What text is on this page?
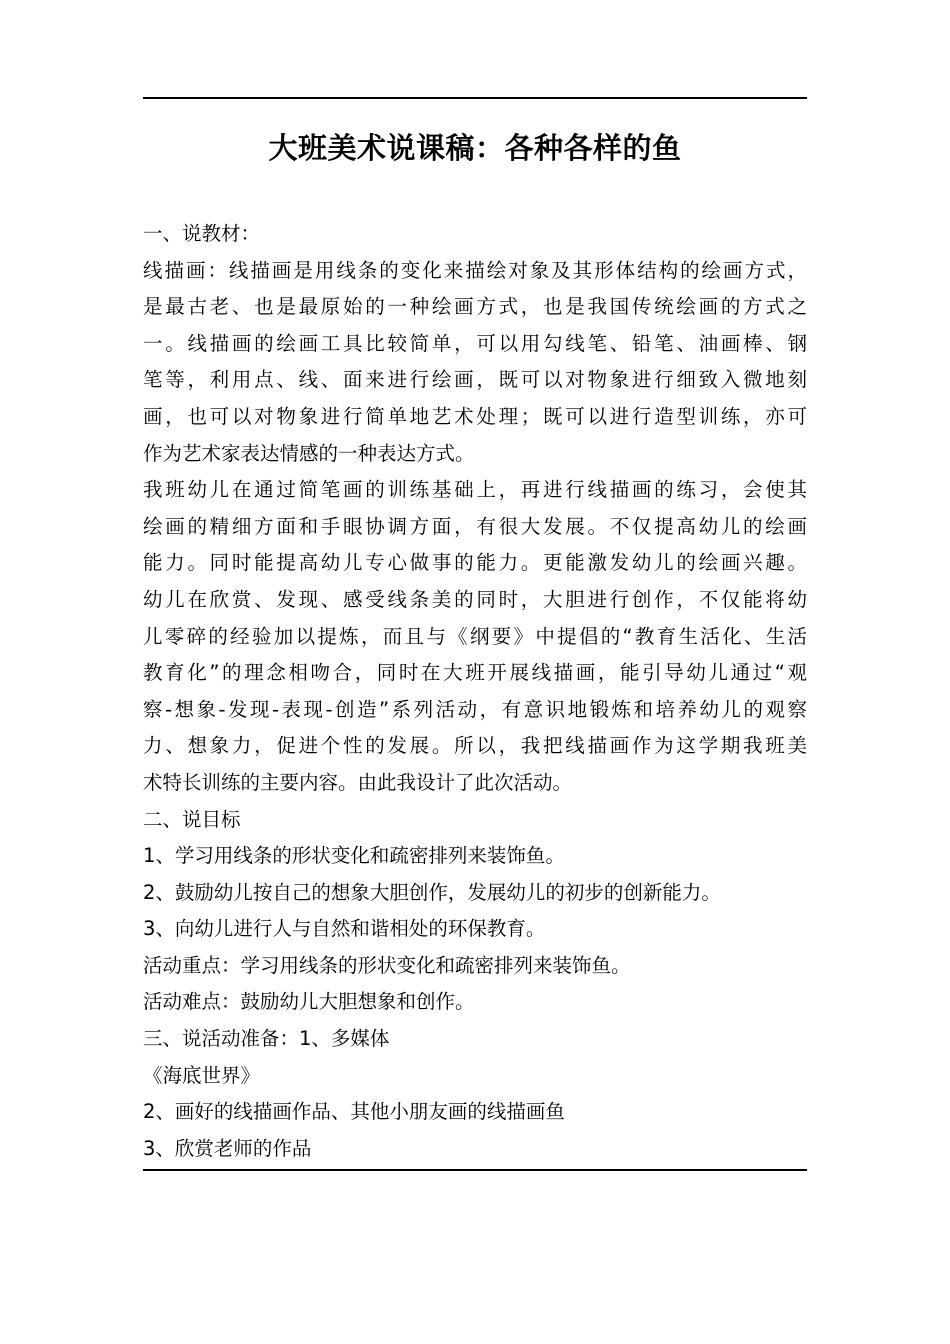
大班美术说课稿：各种各样的鱼
一、说教材：
线描画：线描画是用线条的变化来描绘对象及其形体结构的绘画方式，
是最古老、也是最原始的一种绘画方式，也是我国传统绘画的方式之
一。线描画的绘画工具比较简单，可以用勾线笔、铅笔、油画棒、钢
笔等，利用点、线、面来进行绘画，既可以对物象进行细致入微地刻
画，也可以对物象进行简单地艺术处理；既可以进行造型训练，亦可
作为艺术家表达情感的一种表达方式。
我班幼儿在通过简笔画的训练基础上，再进行线描画的练习，会使其
绘画的精细方面和手眼协调方面，有很大发展。不仅提高幼儿的绘画
能力。同时能提高幼儿专心做事的能力。更能激发幼儿的绘画兴趣。
幼儿在欣赏、发现、感受线条美的同时，大胆进行创作，不仅能将幼
儿零碎的经验加以提炼，而且与《纲要》中提倡的“教育生活化、生活
教育化”的理念相吻合，同时在大班开展线描画，能引导幼儿通过“观
察-想象-发现-表现-创造”系列活动，有意识地锻炼和培养幼儿的观察
力、想象力，促进个性的发展。所以，我把线描画作为这学期我班美
术特长训练的主要内容。由此我设计了此次活动。
二、说目标
1、学习用线条的形状变化和疏密排列来装饰鱼。
2、鼓励幼儿按自己的想象大胆创作，发展幼儿的初步的创新能力。
3、向幼儿进行人与自然和谐相处的环保教育。
活动重点：学习用线条的形状变化和疏密排列来装饰鱼。
活动难点：鼓励幼儿大胆想象和创作。
三、说活动准备：1、多媒体
《海底世界》
2、画好的线描画作品、其他小朋友画的线描画鱼
3、欣赏老师的作品
